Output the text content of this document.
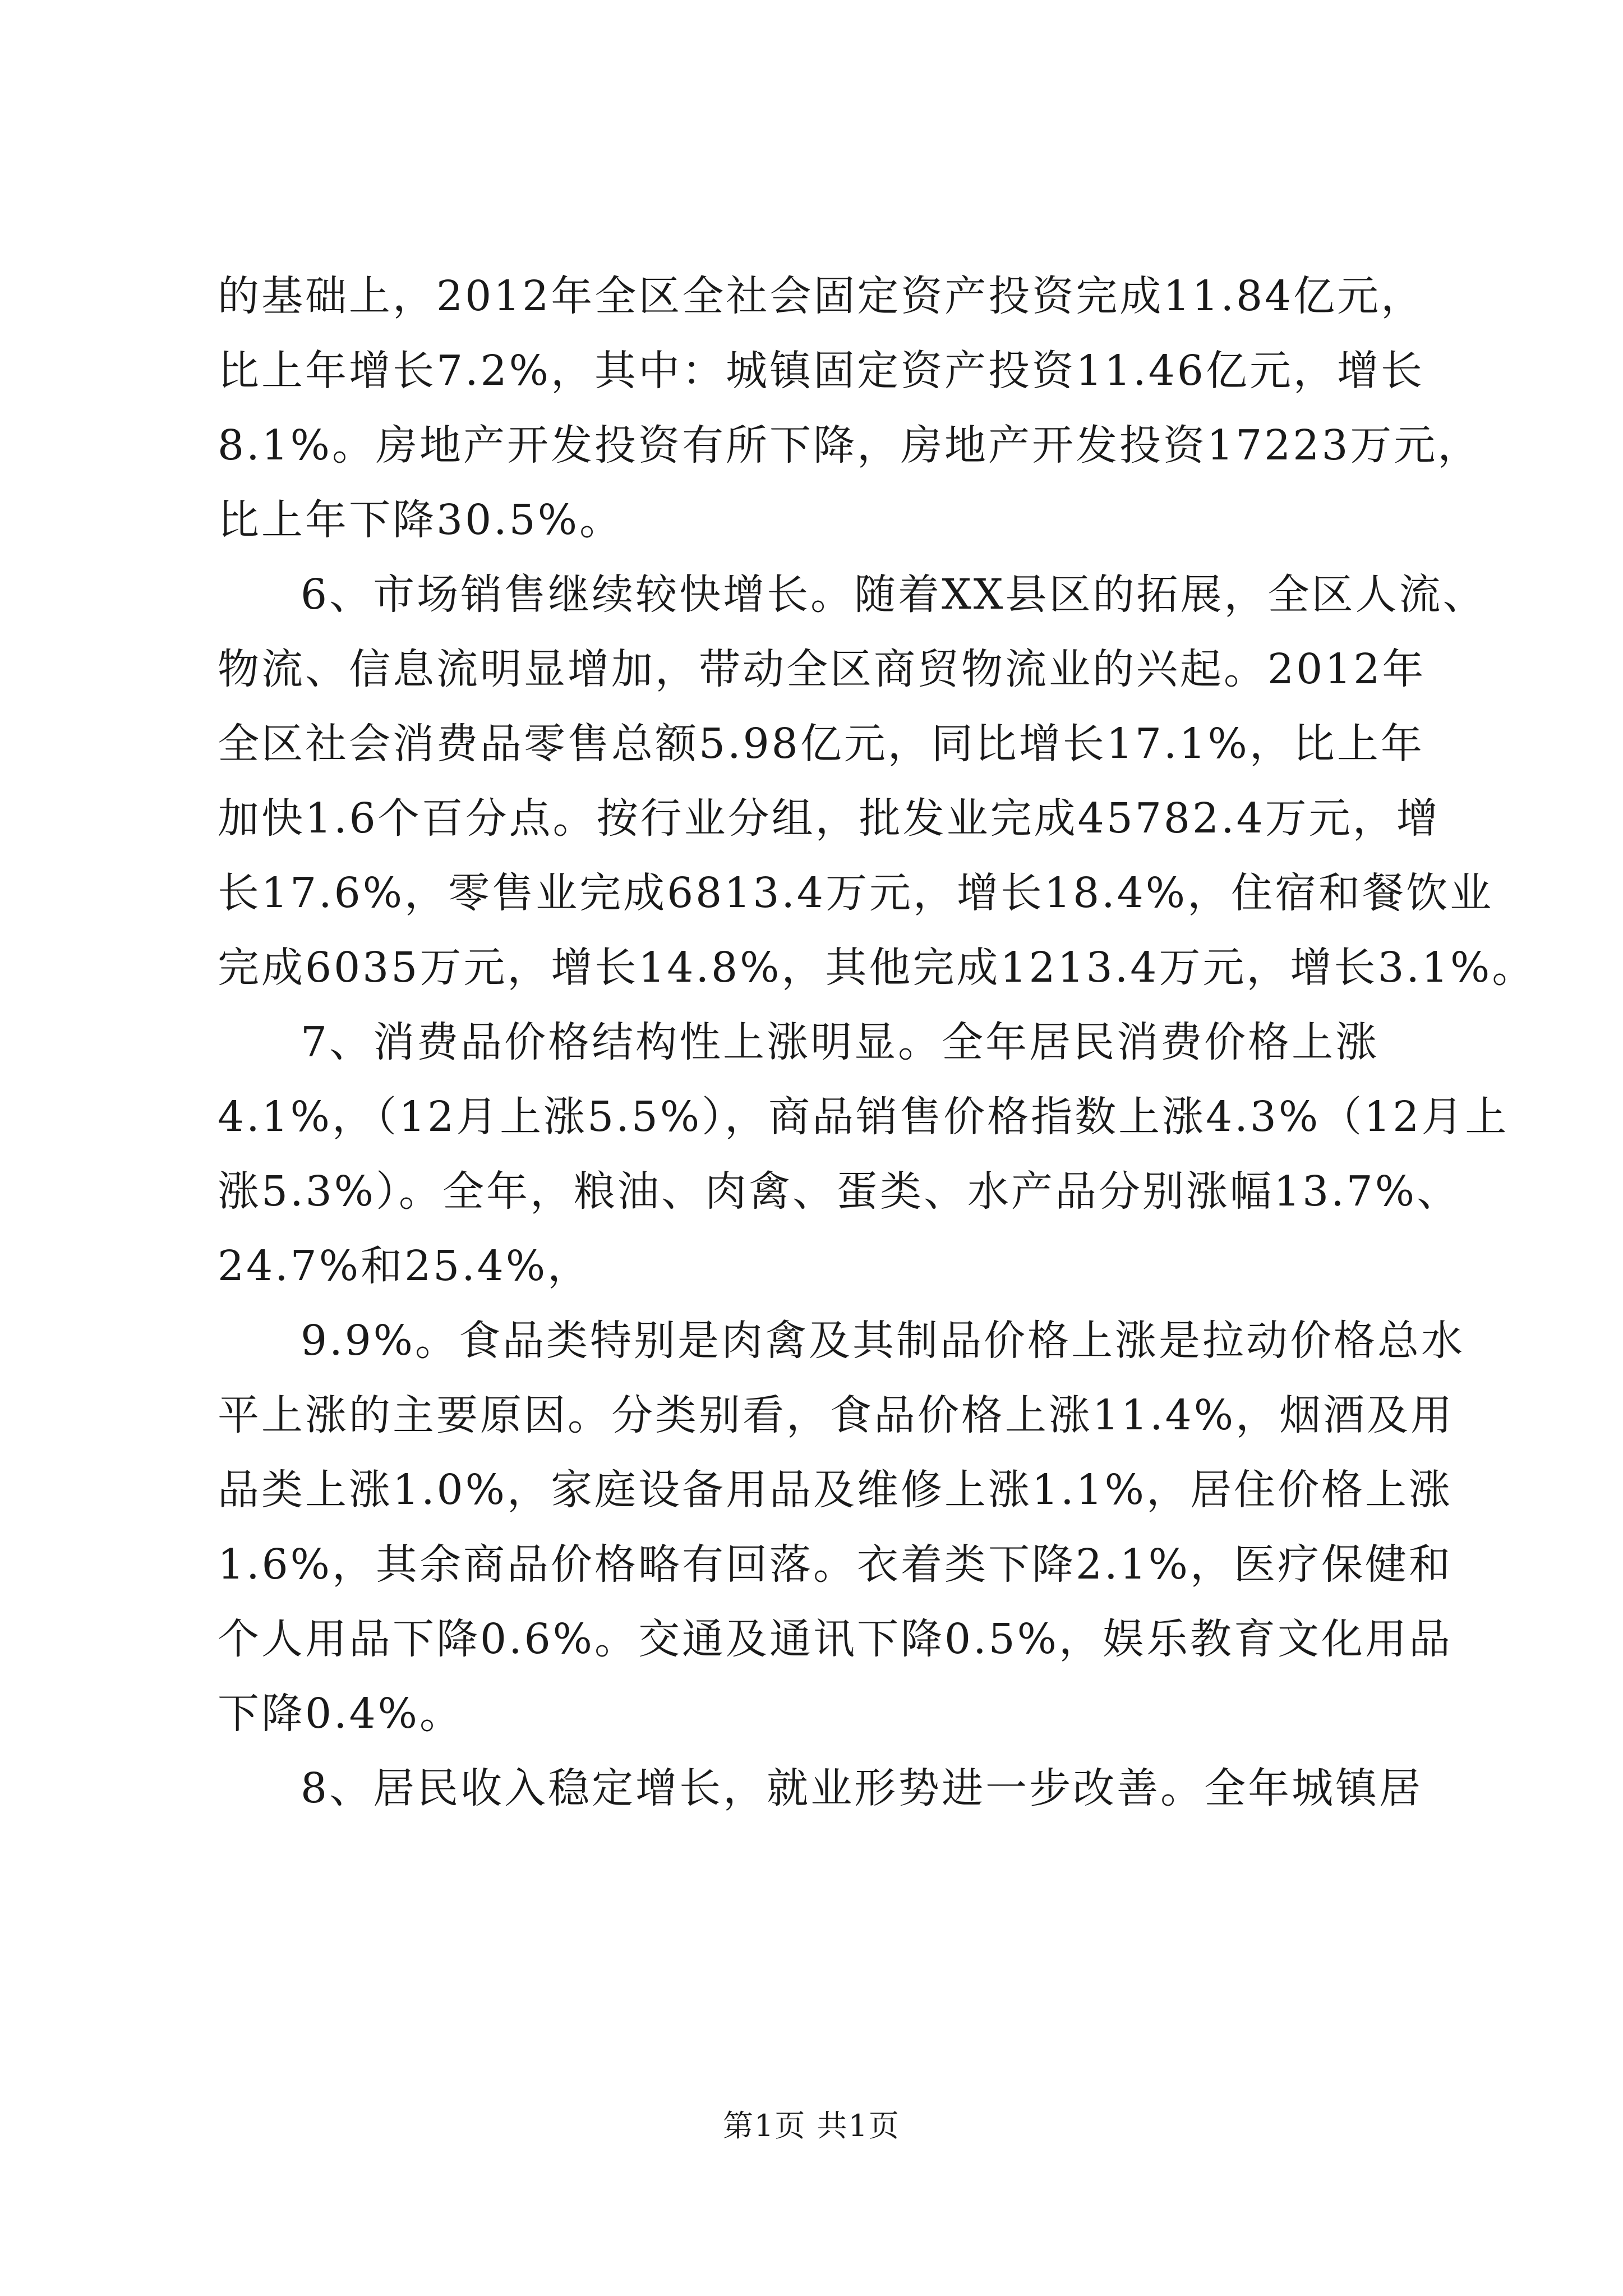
的基础上，2012年全区全社会固定资产投资完成11.84亿元，
比上年增长7.2%，其中：城镇固定资产投资11.46亿元，增长
8.1%。房地产开发投资有所下降，房地产开发投资17223万元，
比上年下降30.5%。
6、市场销售继续较快增长。随着XX县区的拓展，全区人流、
物流、信息流明显增加，带动全区商贸物流业的兴起。2012年
全区社会消费品零售总额5.98亿元，同比增长17.1%，比上年
加快1.6个百分点。按行业分组，批发业完成45782.4万元，增
长17.6%，零售业完成6813.4万元，增长18.4%，住宿和餐饮业
完成6035万元，增长14.8%，其他完成1213.4万元，增长3.1%。
7、消费品价格结构性上涨明显。全年居民消费价格上涨
4.1%，（12月上涨5.5%），商品销售价格指数上涨4.3%（12月上
涨5.3%）。全年，粮油、肉禽、蛋类、水产品分别涨幅13.7%、
24.7%和25.4%，
9.9%。食品类特别是肉禽及其制品价格上涨是拉动价格总水
平上涨的主要原因。分类别看，食品价格上涨11.4%，烟酒及用
品类上涨1.0%，家庭设备用品及维修上涨1.1%，居住价格上涨
1.6%，其余商品价格略有回落。衣着类下降2.1%，医疗保健和
个人用品下降0.6%。交通及通讯下降0.5%，娱乐教育文化用品
下降0.4%。
8、居民收入稳定增长，就业形势进一步改善。全年城镇居
第1页 共1页
